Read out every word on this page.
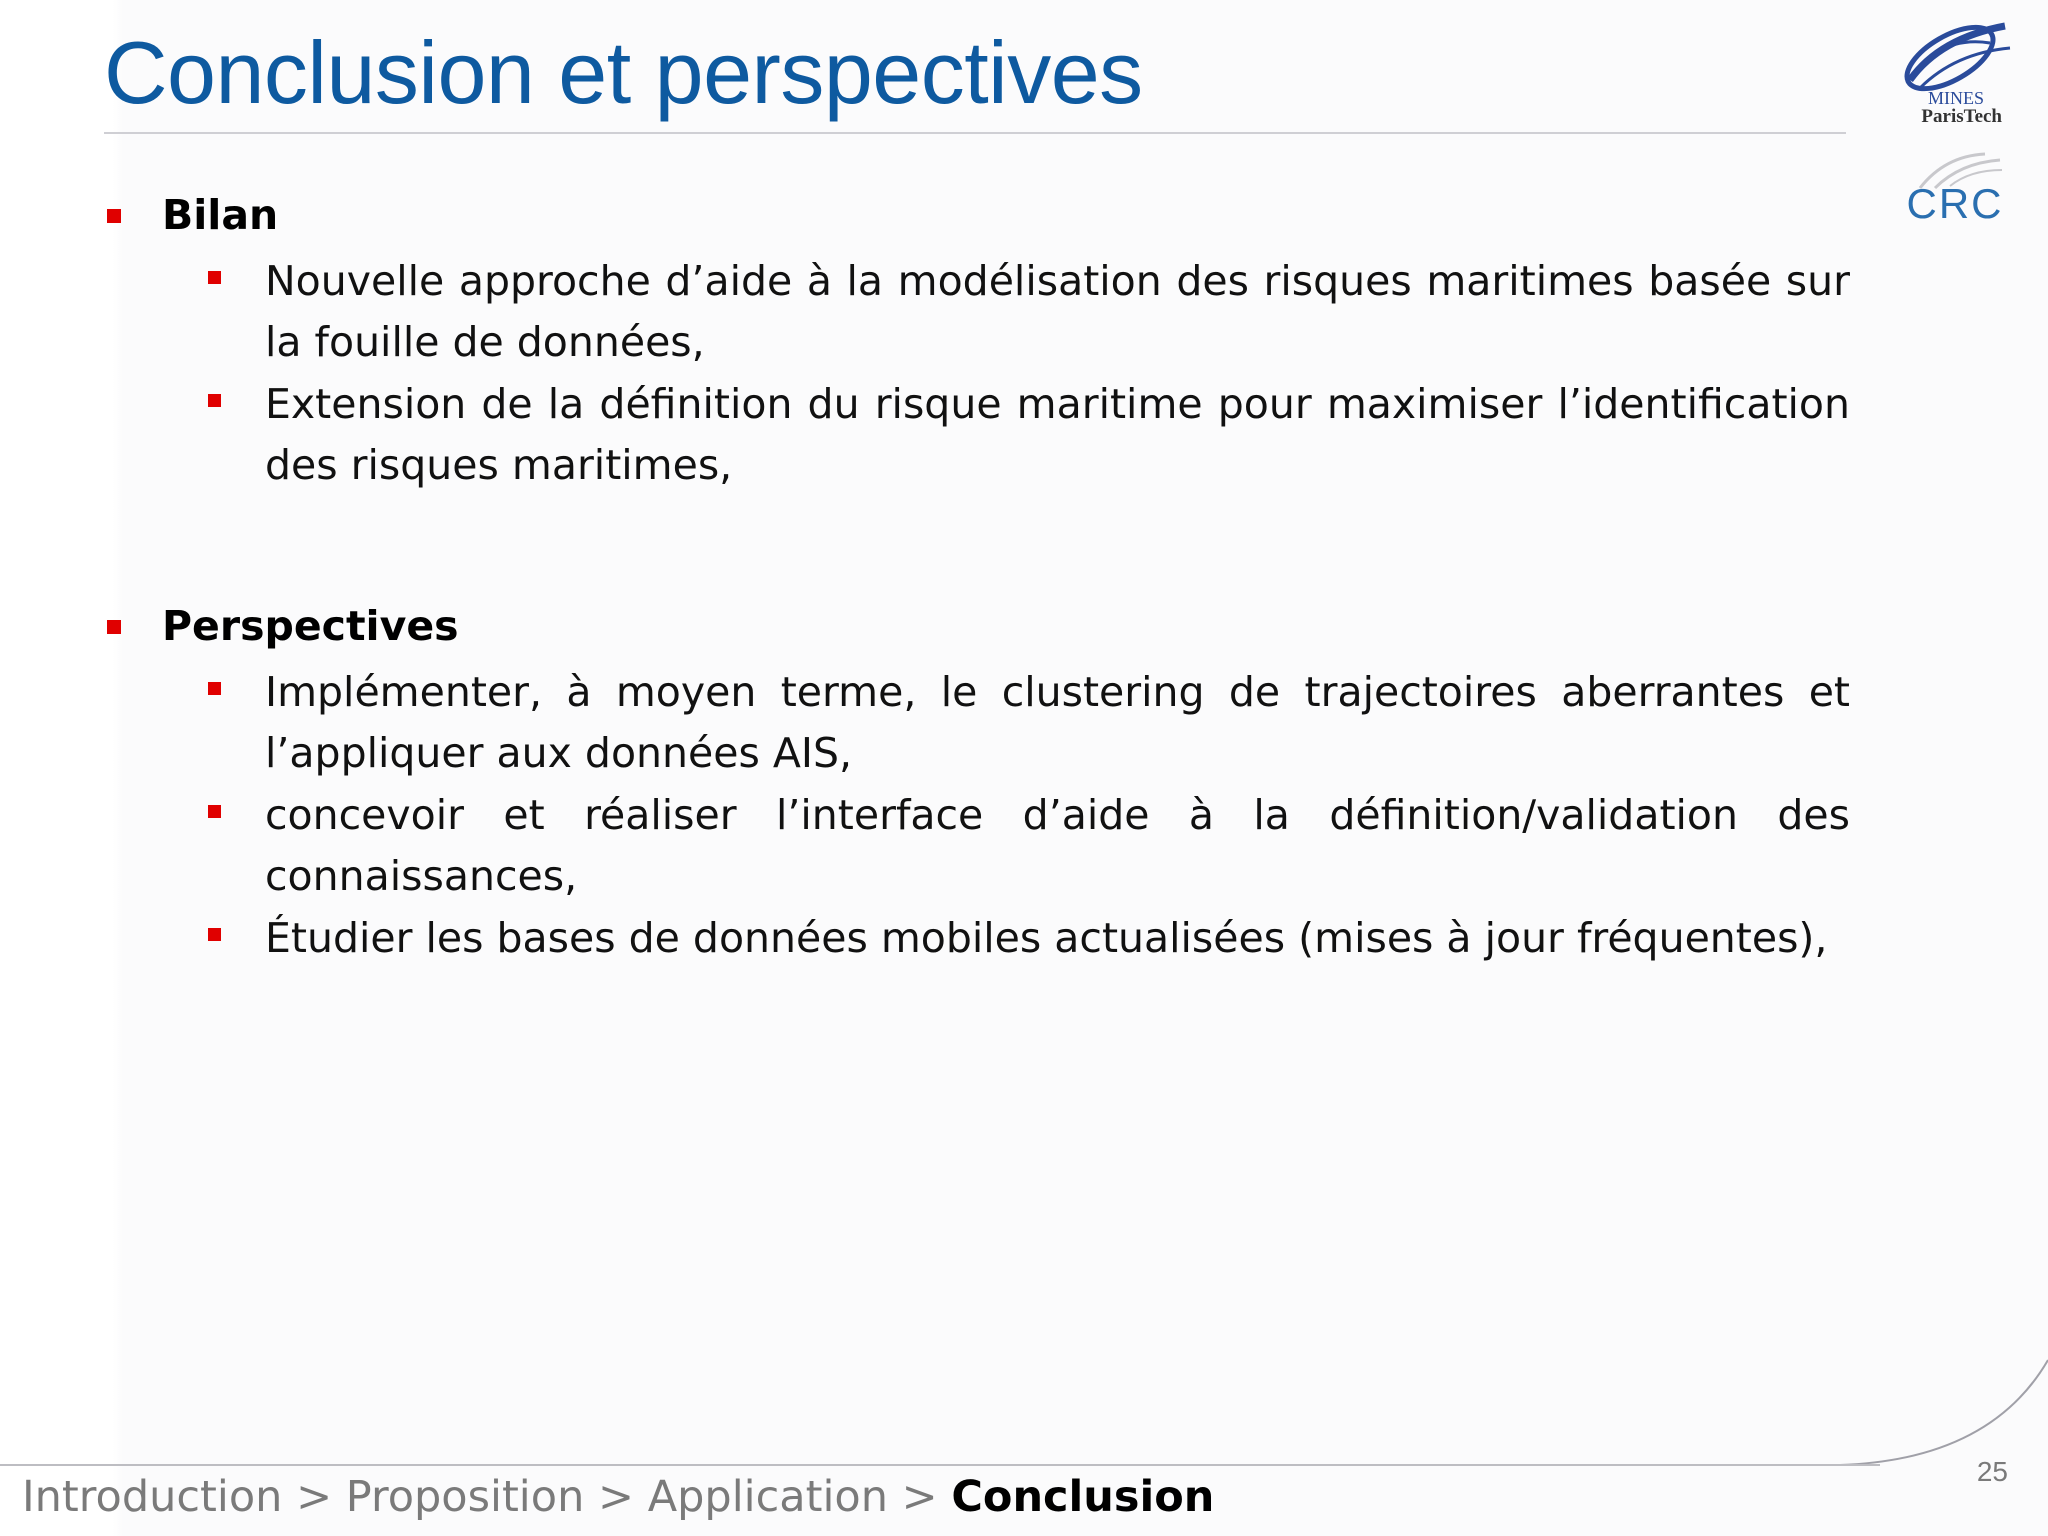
Conclusion et perspectives	MINES
ParisTech
CRC
Bilan
Nouvelle approche d’aide à la modélisation des risques maritimes basée sur la fouille de données,
Extension de la définition du risque maritime pour maximiser l’identification des risques maritimes,
Perspectives
Implémenter, à moyen terme, le clustering de trajectoires aberrantes et l’appliquer aux données AIS,
concevoir et réaliser l’interface d’aide à la définition/validation des connaissances,
Étudier les bases de données mobiles actualisées (mises à jour fréquentes),
Introduction > Proposition > Application > Conclusion
25
